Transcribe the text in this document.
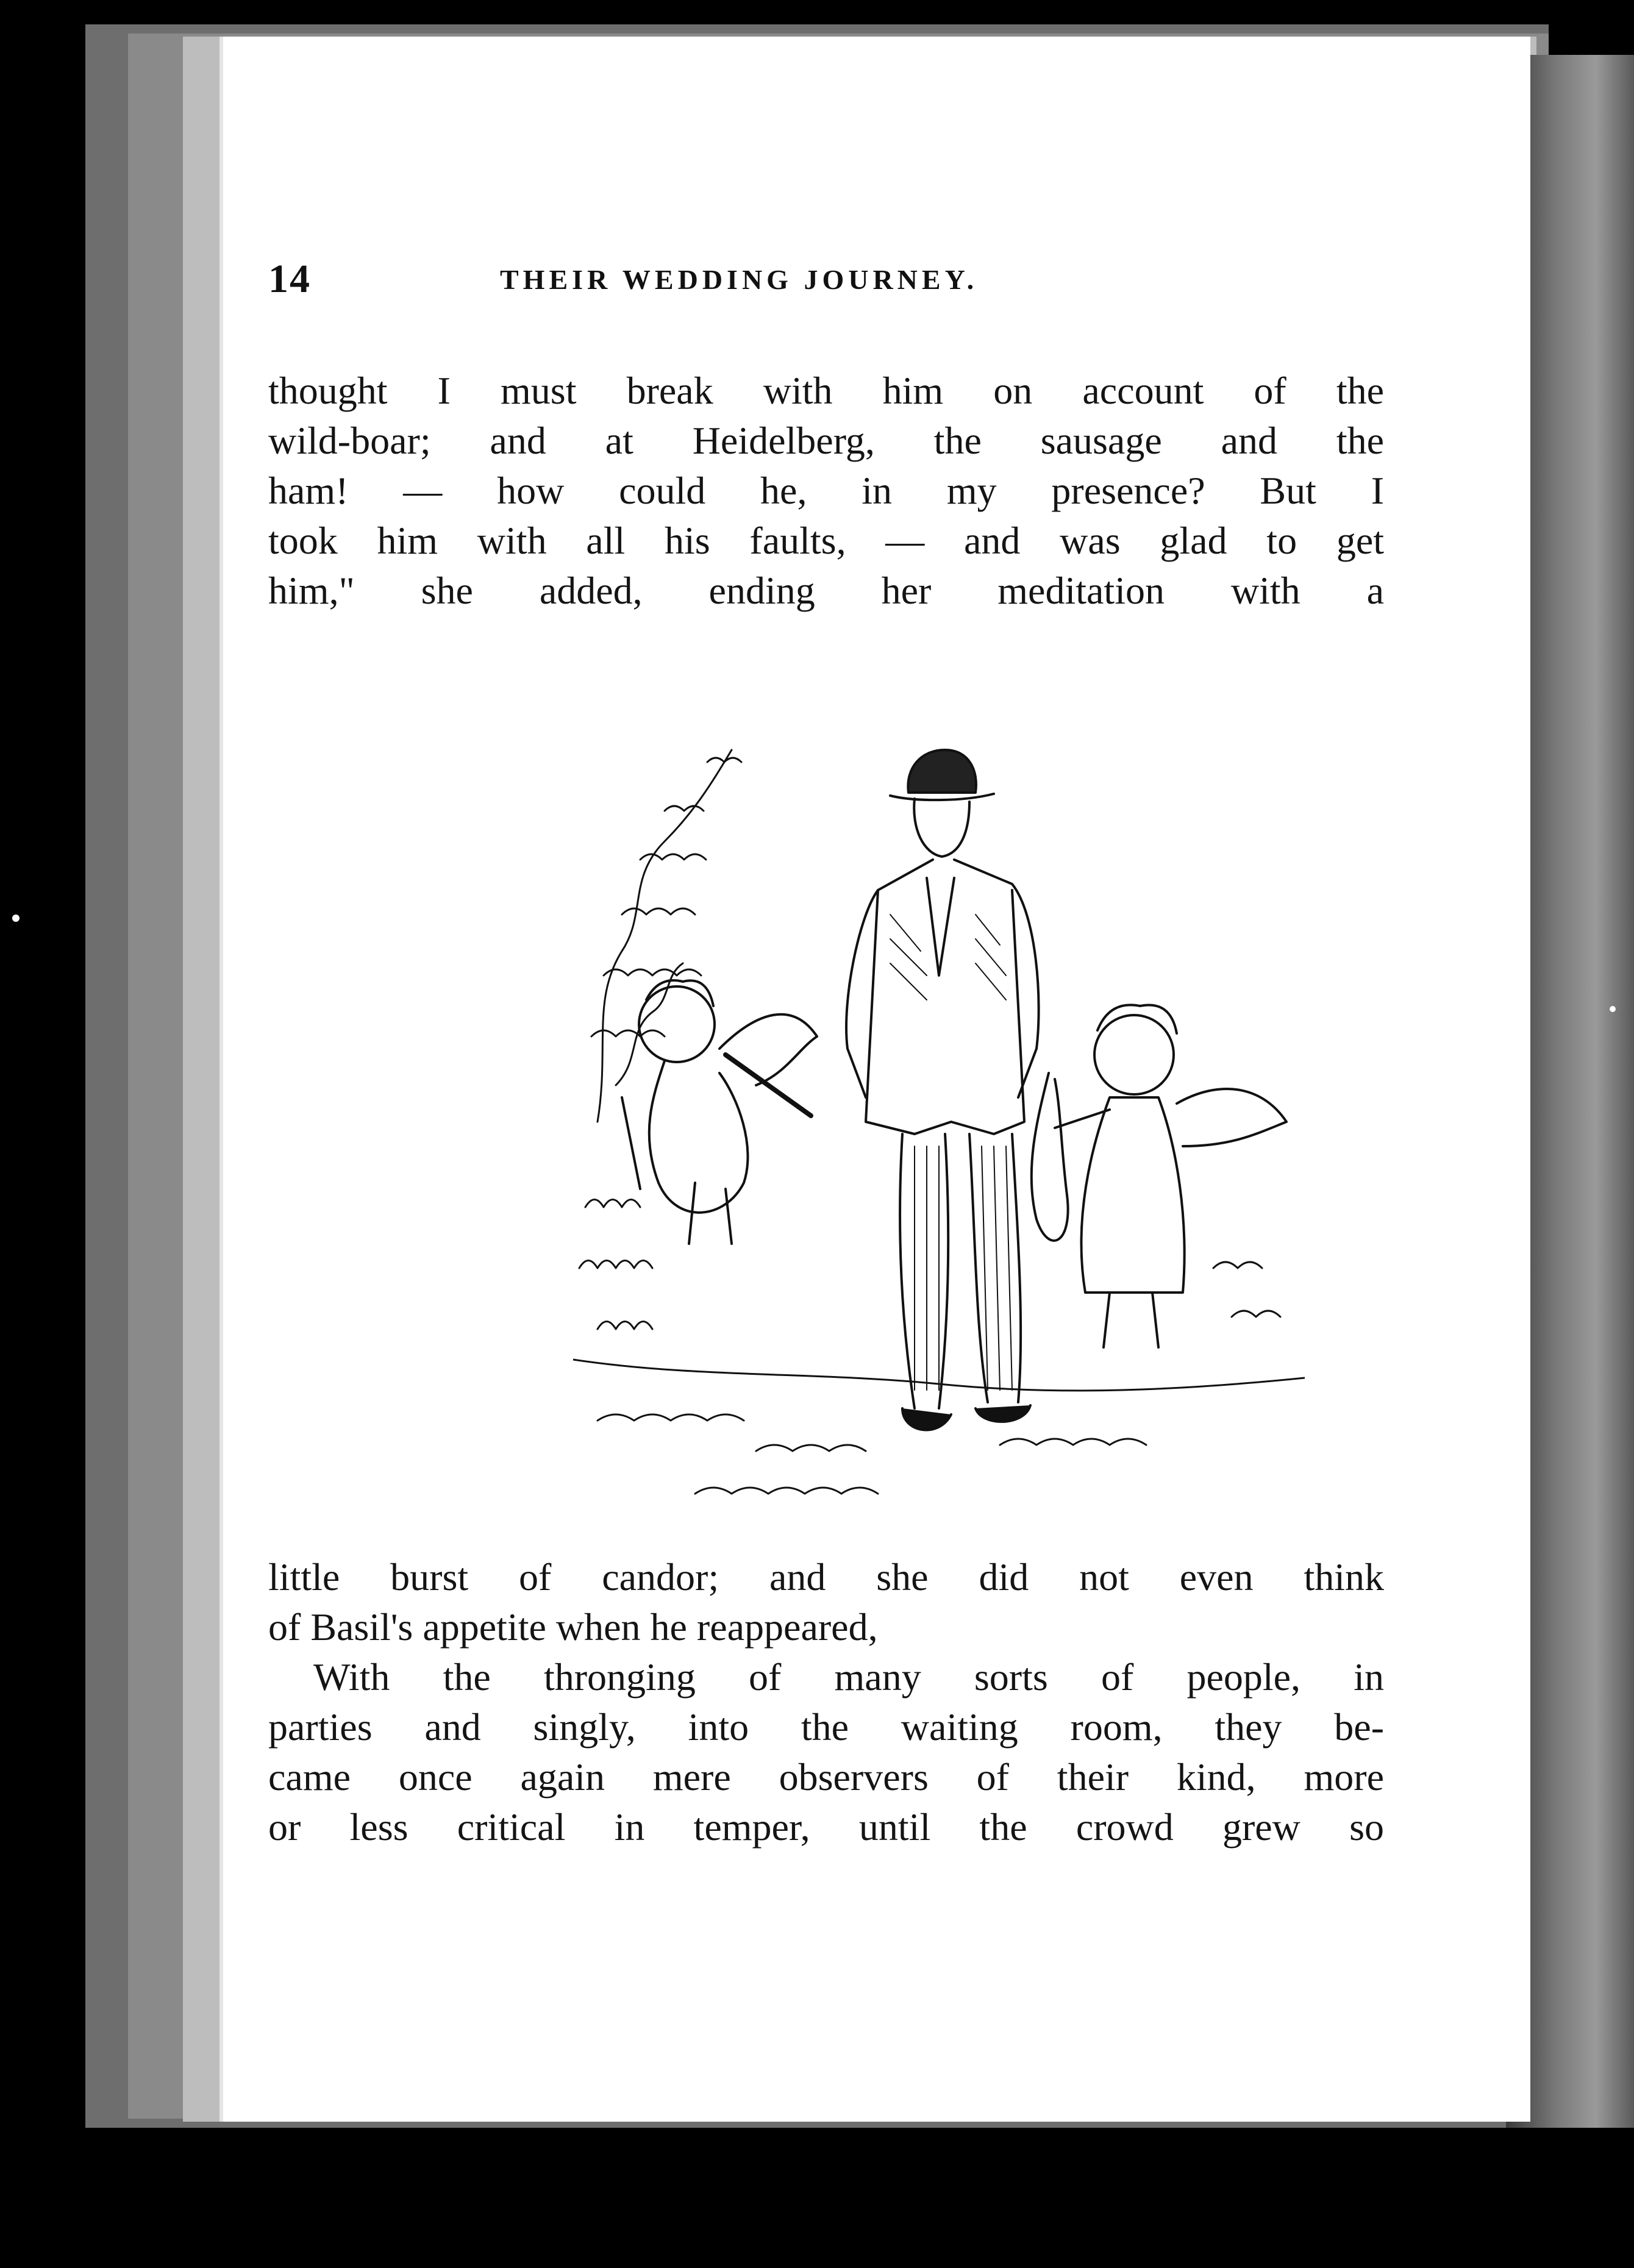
14	THEIR WEDDING JOURNEY.
thought I must break with him on account of the
wild-boar; and at Heidelberg, the sausage and the
ham! — how could he, in my presence? But I
took him with all his faults, — and was glad to get
him," she added, ending her meditation with a
little burst of candor; and she did not even think
of Basil's appetite when he reappeared,
With the thronging of many sorts of people, in
parties and singly, into the waiting room, they be-
came once again mere observers of their kind, more
or less critical in temper, until the crowd grew so
